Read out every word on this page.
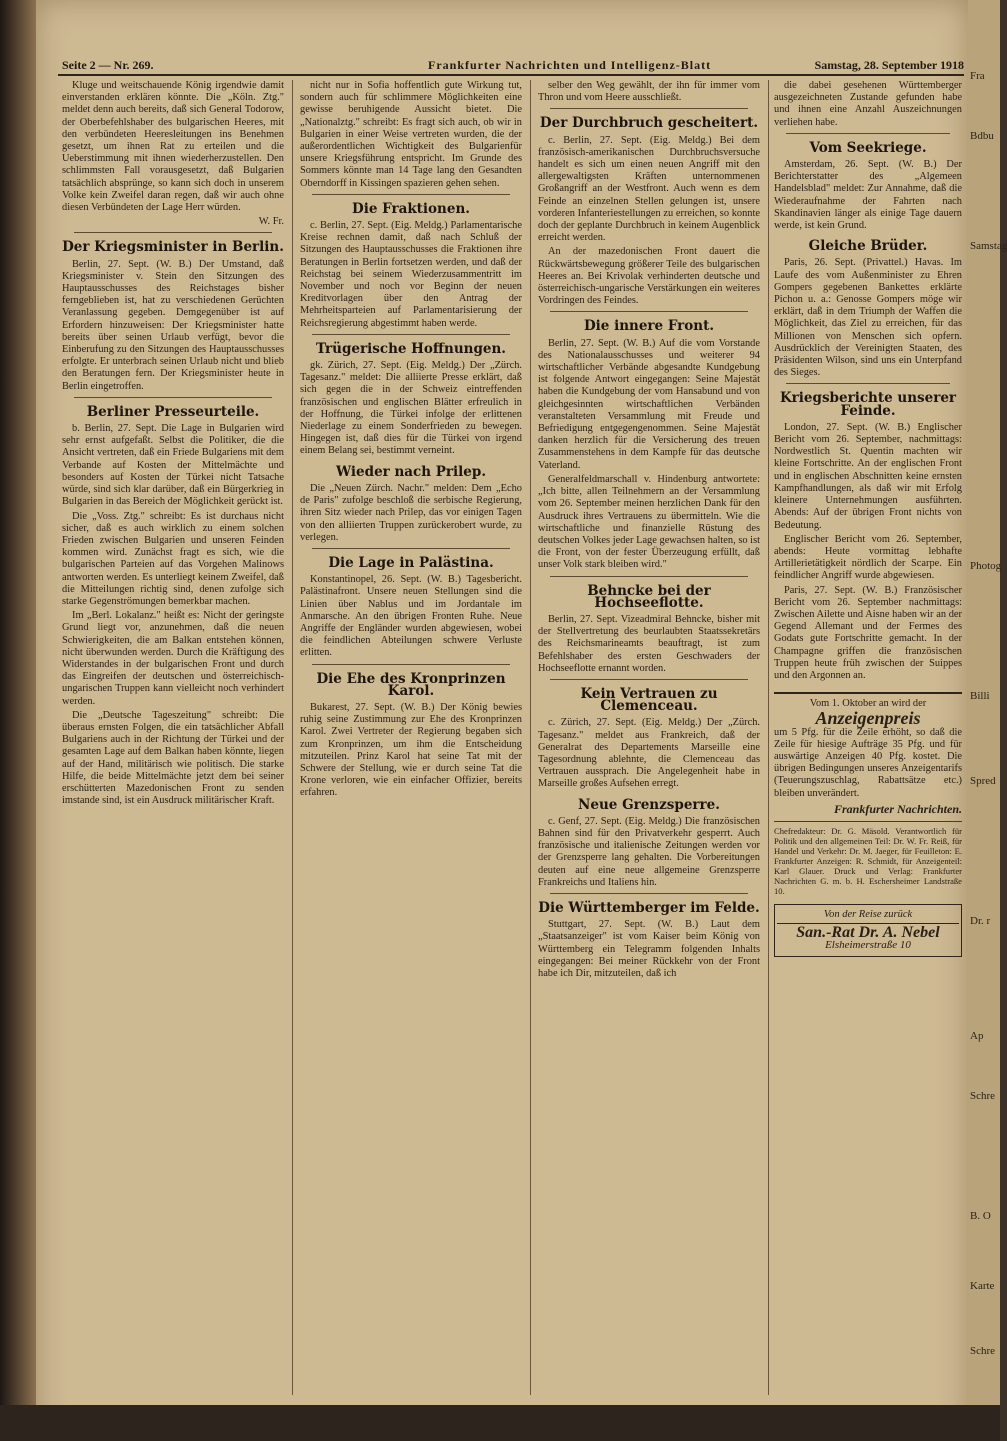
Seite 2 — Nr. 269.	Frankfurter Nachrichten und Intelligenz-Blatt	Samstag, 28. September 1918

Kluge und weitschauende König irgendwie damit einverstanden erklären könnte. Die „Köln. Ztg." meldet denn auch bereits, daß sich General Todorow, der Oberbefehlshaber des bulgarischen Heeres, mit den verbündeten Heeresleitungen ins Benehmen gesetzt, um ihnen Rat zu erteilen und die Ueberstimmung mit ihnen wiederherzustellen. Den schlimmsten Fall vorausgesetzt, daß Bulgarien tatsächlich absprünge, so kann sich doch in unserem Volke kein Zweifel daran regen, daß wir auch ohne diesen Verbündeten der Lage Herr würden.

W. Fr.

Der Kriegsminister in Berlin.

Berlin, 27. Sept. (W. B.) Der Umstand, daß Kriegsminister v. Stein den Sitzungen des Hauptausschusses des Reichstages bisher ferngeblieben ist, hat zu verschiedenen Gerüchten Veranlassung gegeben. Demgegenüber ist auf Erfordern hinzuweisen: Der Kriegsminister hatte bereits über seinen Urlaub verfügt, bevor die Einberufung zu den Sitzungen des Hauptausschusses erfolgte. Er unterbrach seinen Urlaub nicht und blieb den Beratungen fern. Der Kriegsminister heute in Berlin eingetroffen.

Berliner Presseurteile.

b. Berlin, 27. Sept. Die Lage in Bulgarien wird sehr ernst aufgefaßt. Selbst die Politiker, die die Ansicht vertreten, daß ein Friede Bulgariens mit dem Verbande auf Kosten der Mittelmächte und besonders auf Kosten der Türkei nicht Tatsache würde, sind sich klar darüber, daß ein Bürgerkrieg in Bulgarien in das Bereich der Möglichkeit gerückt ist.

Die „Voss. Ztg." schreibt: Es ist durchaus nicht sicher, daß es auch wirklich zu einem solchen Frieden zwischen Bulgarien und unseren Feinden kommen wird. Zunächst fragt es sich, wie die bulgarischen Parteien auf das Vorgehen Malinows antworten werden. Es unterliegt keinem Zweifel, daß die Mitteilungen richtig sind, denen zufolge sich starke Gegenströmungen bemerkbar machen.

Im „Berl. Lokalanz." heißt es: Nicht der geringste Grund liegt vor, anzunehmen, daß die neuen Schwierigkeiten, die am Balkan entstehen können, nicht überwunden werden. Durch die Kräftigung des Widerstandes in der bulgarischen Front und durch das Eingreifen der deutschen und österreichisch-ungarischen Truppen kann vielleicht noch verhindert werden.

Die „Deutsche Tageszeitung" schreibt: Die überaus ernsten Folgen, die ein tatsächlicher Abfall Bulgariens auch in der Richtung der Türkei und der gesamten Lage auf dem Balkan haben könnte, liegen auf der Hand, militärisch wie politisch. Die starke Hilfe, die beide Mittelmächte jetzt dem bei seiner erschütterten Mazedonischen Front zu senden imstande sind, ist ein Ausdruck militärischer Kraft.

nicht nur in Sofia hoffentlich gute Wirkung tut, sondern auch für schlimmere Möglichkeiten eine gewisse beruhigende Aussicht bietet. Die „Nationalztg." schreibt: Es fragt sich auch, ob wir in Bulgarien in einer Weise vertreten wurden, die der außerordentlichen Wichtigkeit des Bulgarienfür unsere Kriegsführung entspricht. Im Grunde des Sommers könnte man 14 Tage lang den Gesandten Oberndorff in Kissingen spazieren gehen sehen.

Die Fraktionen.

c. Berlin, 27. Sept. (Eig. Meldg.) Parlamentarische Kreise rechnen damit, daß nach Schluß der Sitzungen des Hauptausschusses die Fraktionen ihre Beratungen in Berlin fortsetzen werden, und daß der Reichstag bei seinem Wiederzusammentritt im November und noch vor Beginn der neuen Kreditvorlagen über den Antrag der Mehrheitsparteien auf Parlamentarisierung der Reichsregierung abgestimmt haben werde.

Trügerische Hoffnungen.

gk. Zürich, 27. Sept. (Eig. Meldg.) Der „Zürch. Tagesanz." meldet: Die alliierte Presse erklärt, daß sich gegen die in der Schweiz eintreffenden französischen und englischen Blätter erfreulich in der Hoffnung, die Türkei infolge der erlittenen Niederlage zu einem Sonderfrieden zu bewegen. Hingegen ist, daß dies für die Türkei von irgend einem Belang sei, bestimmt verneint.

Wieder nach Prilep.

Die „Neuen Zürch. Nachr." melden: Dem „Echo de Paris" zufolge beschloß die serbische Regierung, ihren Sitz wieder nach Prilep, das vor einigen Tagen von den alliierten Truppen zurückerobert wurde, zu verlegen.

Die Lage in Palästina.

Konstantinopel, 26. Sept. (W. B.) Tagesbericht. Palästinafront. Unsere neuen Stellungen sind die Linien über Nablus und im Jordantale im Anmarsche. An den übrigen Fronten Ruhe. Neue Angriffe der Engländer wurden abgewiesen, wobei die feindlichen Abteilungen schwere Verluste erlitten.

Die Ehe des Kronprinzen Karol.

Bukarest, 27. Sept. (W. B.) Der König bewies ruhig seine Zustimmung zur Ehe des Kronprinzen Karol. Zwei Vertreter der Regierung begaben sich zum Kronprinzen, um ihm die Entscheidung mitzuteilen. Prinz Karol hat seine Tat mit der Schwere der Stellung, wie er durch seine Tat die Krone verloren, wie ein einfacher Offizier, bereits erfahren.

selber den Weg gewählt, der ihn für immer vom Thron und vom Heere ausschließt.

Der Durchbruch gescheitert.

c. Berlin, 27. Sept. (Eig. Meldg.) Bei dem französisch-amerikanischen Durchbruchsversuche handelt es sich um einen neuen Angriff mit den allergewaltigsten Kräften unternommenen Großangriff an der Westfront. Auch wenn es dem Feinde an einzelnen Stellen gelungen ist, unsere vorderen Infanteriestellungen zu erreichen, so konnte doch der geplante Durchbruch in keinem Augenblick erreicht werden.

An der mazedonischen Front dauert die Rückwärtsbewegung größerer Teile des bulgarischen Heeres an. Bei Krivolak verhinderten deutsche und österreichisch-ungarische Verstärkungen ein weiteres Vordringen des Feindes.

Die innere Front.

Berlin, 27. Sept. (W. B.) Auf die vom Vorstande des Nationalausschusses und weiterer 94 wirtschaftlicher Verbände abgesandte Kundgebung ist folgende Antwort eingegangen: Seine Majestät haben die Kundgebung der vom Hansabund und von gleichgesinnten wirtschaftlichen Verbänden veranstalteten Versammlung mit Freude und Befriedigung entgegengenommen. Seine Majestät danken herzlich für die Versicherung des treuen Zusammenstehens in dem Kampfe für das deutsche Vaterland.

Generalfeldmarschall v. Hindenburg antwortete: „Ich bitte, allen Teilnehmern an der Versammlung vom 26. September meinen herzlichen Dank für den Ausdruck ihres Vertrauens zu übermitteln. Wie die wirtschaftliche und finanzielle Rüstung des deutschen Volkes jeder Lage gewachsen halten, so ist die Front, von der fester Überzeugung erfüllt, daß unser Volk stark bleiben wird."

Behncke bei der Hochseeflotte.

Berlin, 27. Sept. Vizeadmiral Behncke, bisher mit der Stellvertretung des beurlaubten Staatssekretärs des Reichsmarineamts beauftragt, ist zum Befehlshaber des ersten Geschwaders der Hochseeflotte ernannt worden.

Kein Vertrauen zu Clemenceau.

c. Zürich, 27. Sept. (Eig. Meldg.) Der „Zürch. Tagesanz." meldet aus Frankreich, daß der Generalrat des Departements Marseille eine Tagesordnung ablehnte, die Clemenceau das Vertrauen aussprach. Die Angelegenheit habe in Marseille großes Aufsehen erregt.

Neue Grenzsperre.

c. Genf, 27. Sept. (Eig. Meldg.) Die französischen Bahnen sind für den Privatverkehr gesperrt. Auch französische und italienische Zeitungen werden vor der Grenzsperre lang gehalten. Die Vorbereitungen deuten auf eine neue allgemeine Grenzsperre Frankreichs und Italiens hin.

Die Württemberger im Felde.

Stuttgart, 27. Sept. (W. B.) Laut dem „Staatsanzeiger" ist vom Kaiser beim König von Württemberg ein Telegramm folgenden Inhalts eingegangen: Bei meiner Rückkehr von der Front habe ich Dir, mitzuteilen, daß ich

die dabei gesehenen Württemberger ausgezeichneten Zustande gefunden habe und ihnen eine Anzahl Auszeichnungen verliehen habe.

Vom Seekriege.

Amsterdam, 26. Sept. (W. B.) Der Berichterstatter des „Algemeen Handelsblad" meldet: Zur Annahme, daß die Wiederaufnahme der Fahrten nach Skandinavien länger als einige Tage dauern werde, ist kein Grund.

Gleiche Brüder.

Paris, 26. Sept. (Privattel.) Havas. Im Laufe des vom Außenminister zu Ehren Gompers gegebenen Bankettes erklärte Pichon u. a.: Genosse Gompers möge wir erklärt, daß in dem Triumph der Waffen die Möglichkeit, das Ziel zu erreichen, für das Millionen von Menschen sich opfern. Ausdrücklich der Vereinigten Staaten, des Präsidenten Wilson, sind uns ein Unterpfand des Sieges.

Kriegsberichte unserer Feinde.

London, 27. Sept. (W. B.) Englischer Bericht vom 26. September, nachmittags: Nordwestlich St. Quentin machten wir kleine Fortschritte. An der englischen Front und in englischen Abschnitten keine ernsten Kampfhandlungen, als daß wir mit Erfolg kleinere Unternehmungen ausführten. Abends: Auf der übrigen Front nichts von Bedeutung.

Englischer Bericht vom 26. September, abends: Heute vormittag lebhafte Artillerietätigkeit nördlich der Scarpe. Ein feindlicher Angriff wurde abgewiesen.

Paris, 27. Sept. (W. B.) Französischer Bericht vom 26. September nachmittags: Zwischen Ailette und Aisne haben wir an der Gegend Allemant und der Fermes des Godats gute Fortschritte gemacht. In der Champagne griffen die französischen Truppen heute früh zwischen der Suippes und den Argonnen an.

Vom 1. Oktober an wird der
Anzeigenpreis
um 5 Pfg. für die Zeile erhöht, so daß die Zeile für hiesige Aufträge 35 Pfg. und für auswärtige Anzeigen 40 Pfg. kostet. Die übrigen Bedingungen unseres Anzeigentarifs (Teuerungszuschlag, Rabattsätze etc.) bleiben unverändert.
Frankfurter Nachrichten.
Chefredakteur: Dr. G. Mäsold. Verantwortlich für Politik und den allgemeinen Teil: Dr. W. Fr. Reiß, für Handel und Verkehr: Dr. M. Jaeger, für Feuilleton: E. Frankfurter Anzeigen: R. Schmidt, für Anzeigenteil: Karl Glauer. Druck und Verlag: Frankfurter Nachrichten G. m. b. H. Eschersheimer Landstraße 10.
Von der Reise zurück
San.-Rat Dr. A. Nebel
Elsheimerstraße 10
Fra
Bdbu
Samstag
Photog
Billi
Spred
Dr. r
Ap
Schre
B. O
Karte
Schre
